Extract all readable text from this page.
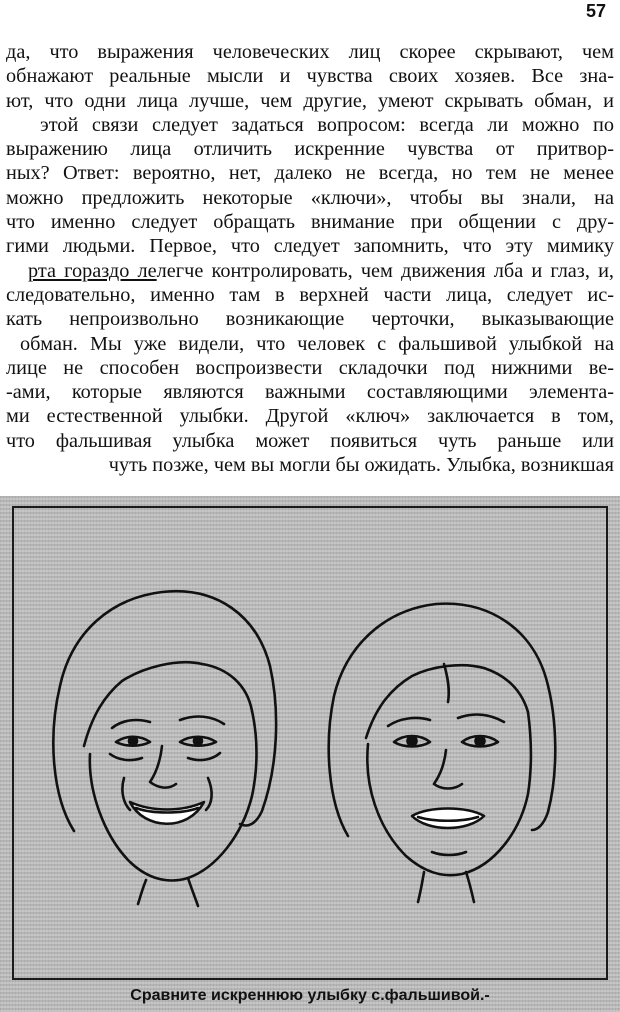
57
да, что выражения человеческих лиц скорее скрывают, чем
обнажают реальные мысли и чувства своих хозяев. Все зна-
ют, что одни лица лучше, чем другие, умеют скрывать обман, и
этой связи следует задаться вопросом: всегда ли можно по
выражению лица отличить искренние чувства от притвор-
ных? Ответ: вероятно, нет, далеко не всегда, но тем не менее
можно предложить некоторые «ключи», чтобы вы знали, на
что именно следует обращать внимание при общении с дру-
гими людьми. Первое, что следует запомнить, что эту мимику
рта гораздо лелегче контролировать, чем движения лба и глаз, и,
следовательно, именно там в верхней части лица, следует ис-
кать непроизвольно возникающие черточки, выказывающие
обман. Мы уже видели, что человек с фальшивой улыбкой на
лице не способен воспроизвести складочки под нижними ве-
-ами, которые являются важными составляющими элемента-
ми естественной улыбки. Другой «ключ» заключается в том,
что фальшивая улыбка может появиться чуть раньше или
чуть позже, чем вы могли бы ожидать. Улыбка, возникшая
Сравните искреннюю улыбку с.фальшивой.-
